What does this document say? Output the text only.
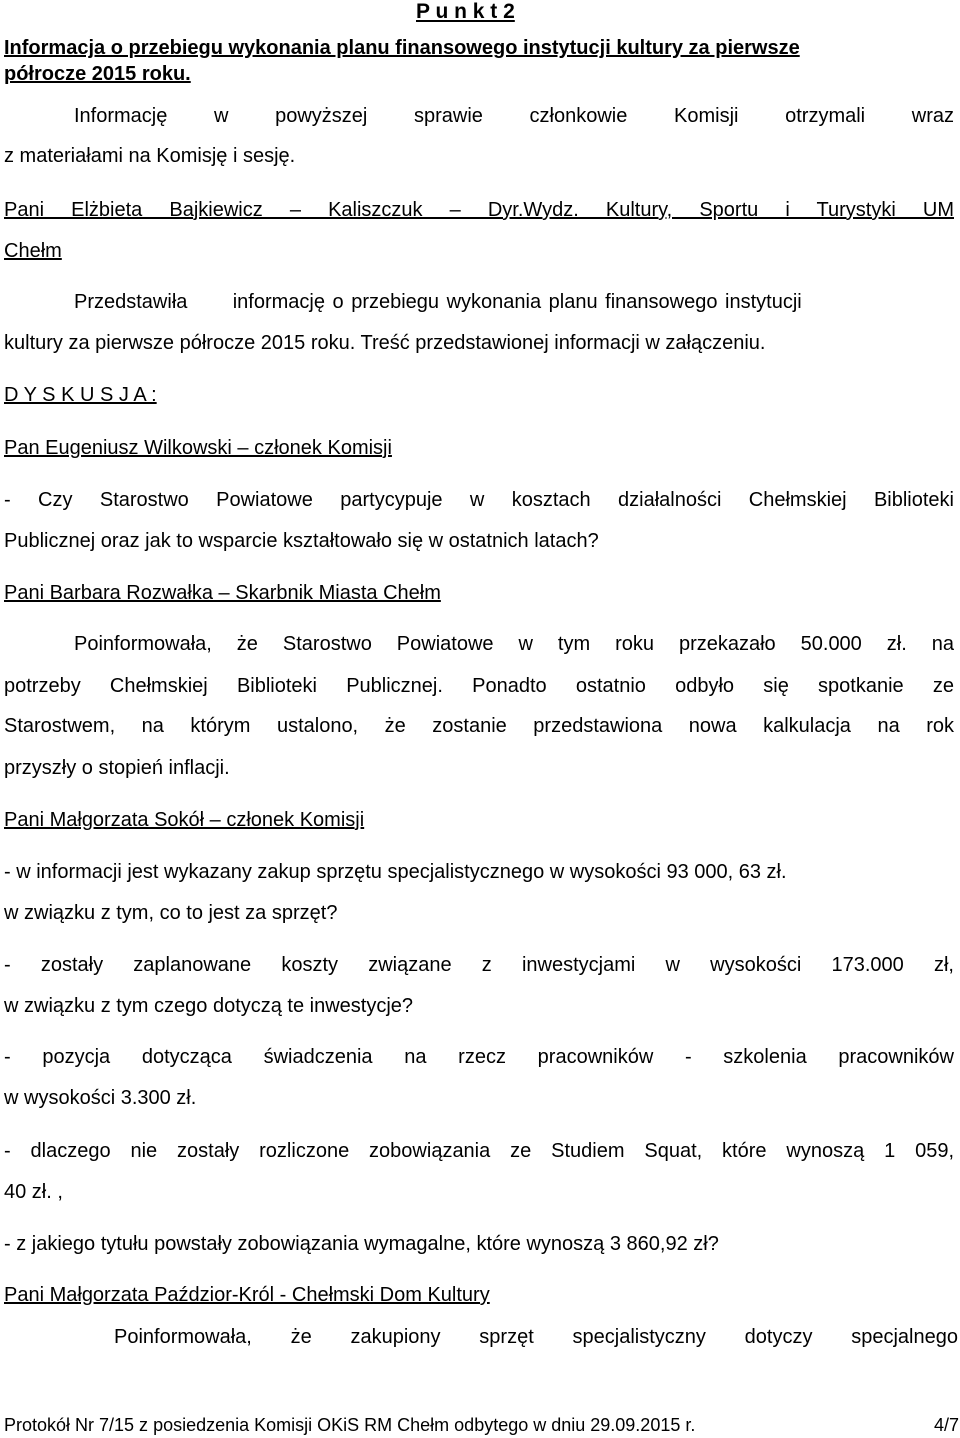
P u n k t 2
Informacja o przebiegu wykonania planu finansowego instytucji kultury za pierwsze
półrocze 2015 roku.
Informację w powyższej sprawie członkowie Komisji otrzymali wraz
z materiałami na Komisję i sesję.
Pani Elżbieta Bajkiewicz – Kaliszczuk – Dyr.Wydz. Kultury, Sportu i Turystyki UM
Chełm
Przedstawiła      informację o przebiegu wykonania planu finansowego instytucji
kultury za pierwsze półrocze 2015 roku. Treść przedstawionej informacji w załączeniu.
D Y S K U S J A :
Pan Eugeniusz Wilkowski – członek Komisji
- Czy Starostwo Powiatowe partycypuje w kosztach działalności Chełmskiej Biblioteki
Publicznej oraz jak to wsparcie kształtowało się w ostatnich latach?
Pani Barbara Rozwałka – Skarbnik Miasta Chełm
Poinformowała, że Starostwo Powiatowe w tym roku przekazało 50.000 zł. na
potrzeby Chełmskiej Biblioteki Publicznej. Ponadto ostatnio odbyło się spotkanie ze
Starostwem, na którym ustalono, że zostanie przedstawiona nowa kalkulacja na rok
przyszły o stopień inflacji.
Pani Małgorzata Sokół – członek Komisji
- w informacji jest wykazany zakup sprzętu specjalistycznego w wysokości 93 000, 63 zł.
w związku z tym, co to jest za sprzęt?
- zostały zaplanowane koszty związane z inwestycjami w wysokości 173.000 zł,
w związku z tym czego dotyczą te inwestycje?
- pozycja dotycząca świadczenia na rzecz pracowników - szkolenia pracowników
w wysokości 3.300 zł.
- dlaczego nie zostały rozliczone zobowiązania ze Studiem Squat, które wynoszą 1 059,
40 zł. ,
- z jakiego tytułu powstały zobowiązania wymagalne, które wynoszą 3 860,92 zł?
Pani Małgorzata Paździor-Król - Chełmski Dom Kultury
Poinformowała, że zakupiony sprzęt specjalistyczny dotyczy specjalnego
Protokół Nr 7/15 z posiedzenia Komisji OKiS RM Chełm odbytego w dniu 29.09.2015 r.	4/7
